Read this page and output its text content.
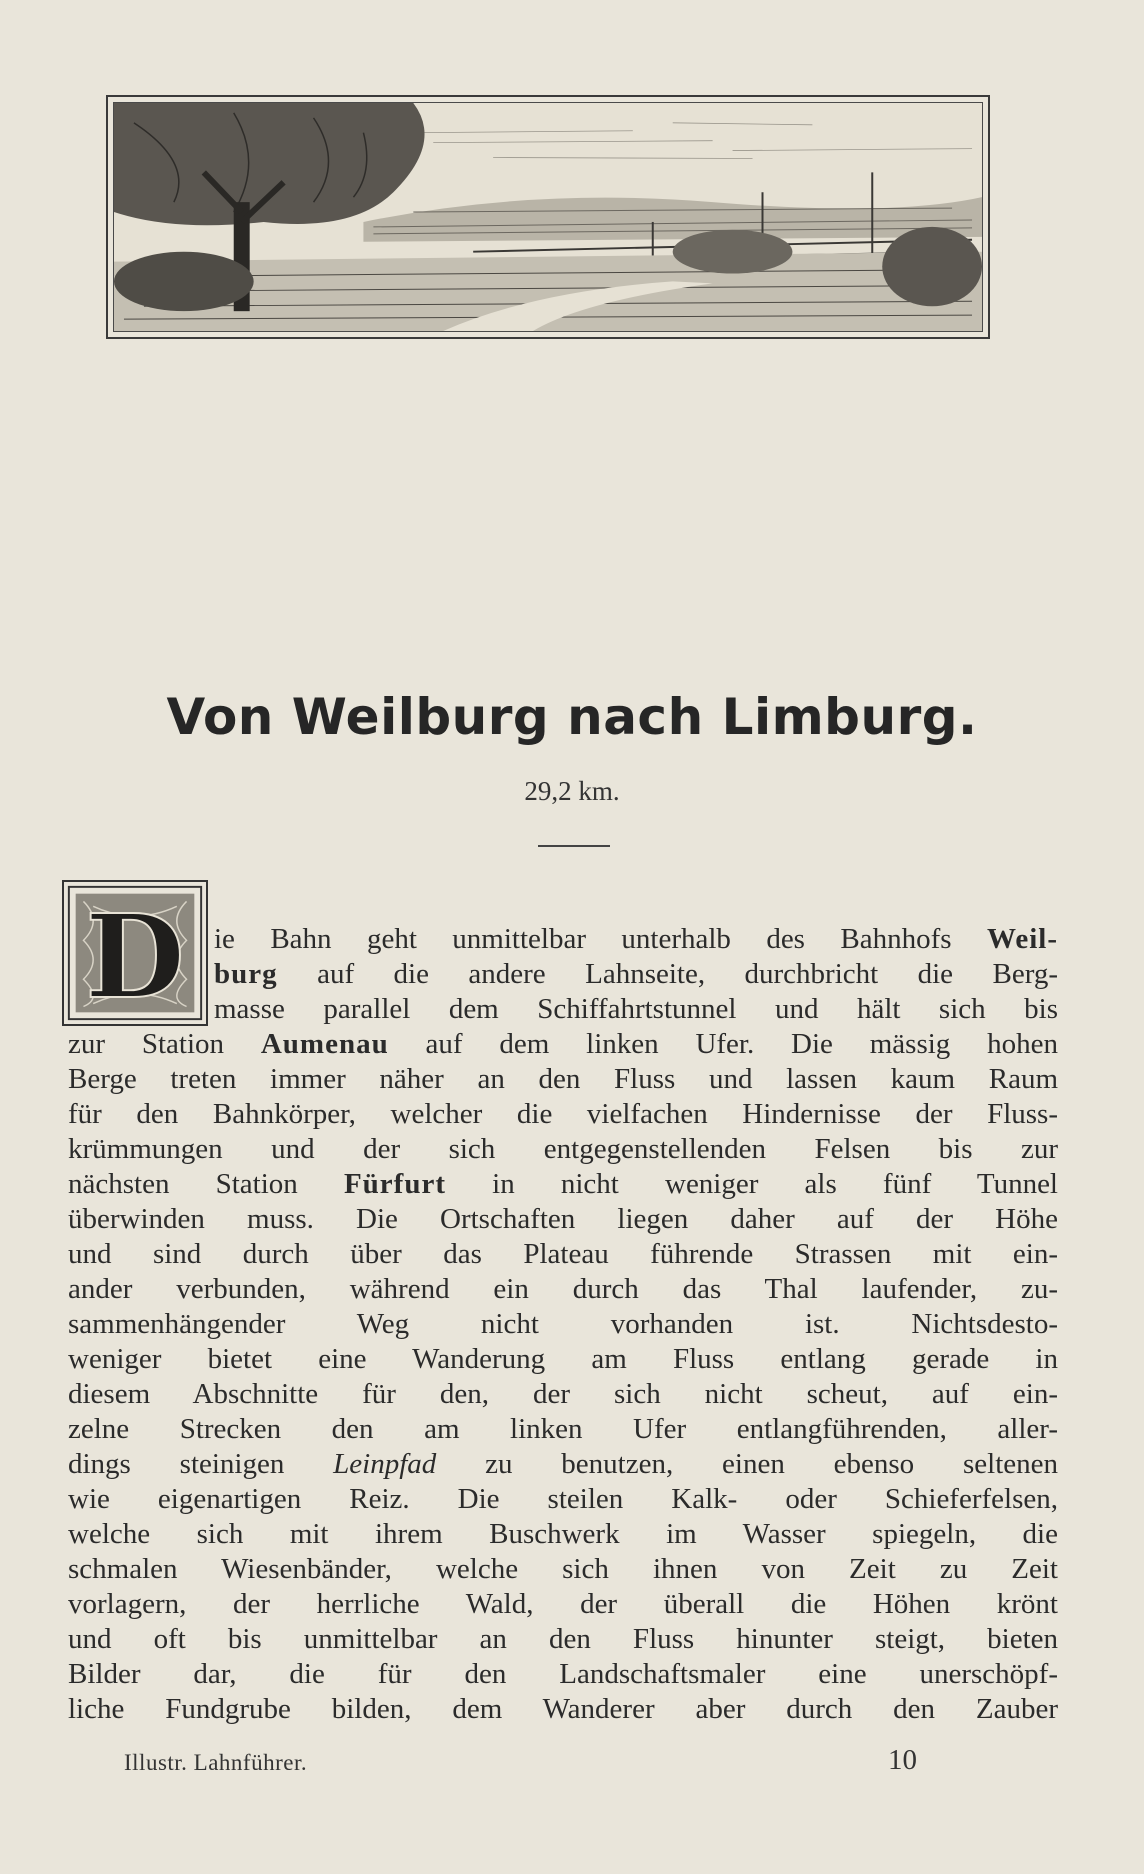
Von Weilburg nach Limburg.
29,2 km.
D	ie Bahn geht unmittelbar unterhalb des Bahnhofs Weil-
burg auf die andere Lahnseite, durchbricht die Berg-
masse parallel dem Schiffahrtstunnel und hält sich bis
zur Station Aumenau auf dem linken Ufer. Die mässig hohen
Berge treten immer näher an den Fluss und lassen kaum Raum
für den Bahnkörper, welcher die vielfachen Hindernisse der Fluss-
krümmungen und der sich entgegenstellenden Felsen bis zur
nächsten Station Fürfurt in nicht weniger als fünf Tunnel
überwinden muss. Die Ortschaften liegen daher auf der Höhe
und sind durch über das Plateau führende Strassen mit ein-
ander verbunden, während ein durch das Thal laufender, zu-
sammenhängender Weg nicht vorhanden ist. Nichtsdesto-
weniger bietet eine Wanderung am Fluss entlang gerade in
diesem Abschnitte für den, der sich nicht scheut, auf ein-
zelne Strecken den am linken Ufer entlangführenden, aller-
dings steinigen Leinpfad zu benutzen, einen ebenso seltenen
wie eigenartigen Reiz. Die steilen Kalk- oder Schieferfelsen,
welche sich mit ihrem Buschwerk im Wasser spiegeln, die
schmalen Wiesenbänder, welche sich ihnen von Zeit zu Zeit
vorlagern, der herrliche Wald, der überall die Höhen krönt
und oft bis unmittelbar an den Fluss hinunter steigt, bieten
Bilder dar, die für den Landschaftsmaler eine unerschöpf-
liche Fundgrube bilden, dem Wanderer aber durch den Zauber
Illustr. Lahnführer.	10
